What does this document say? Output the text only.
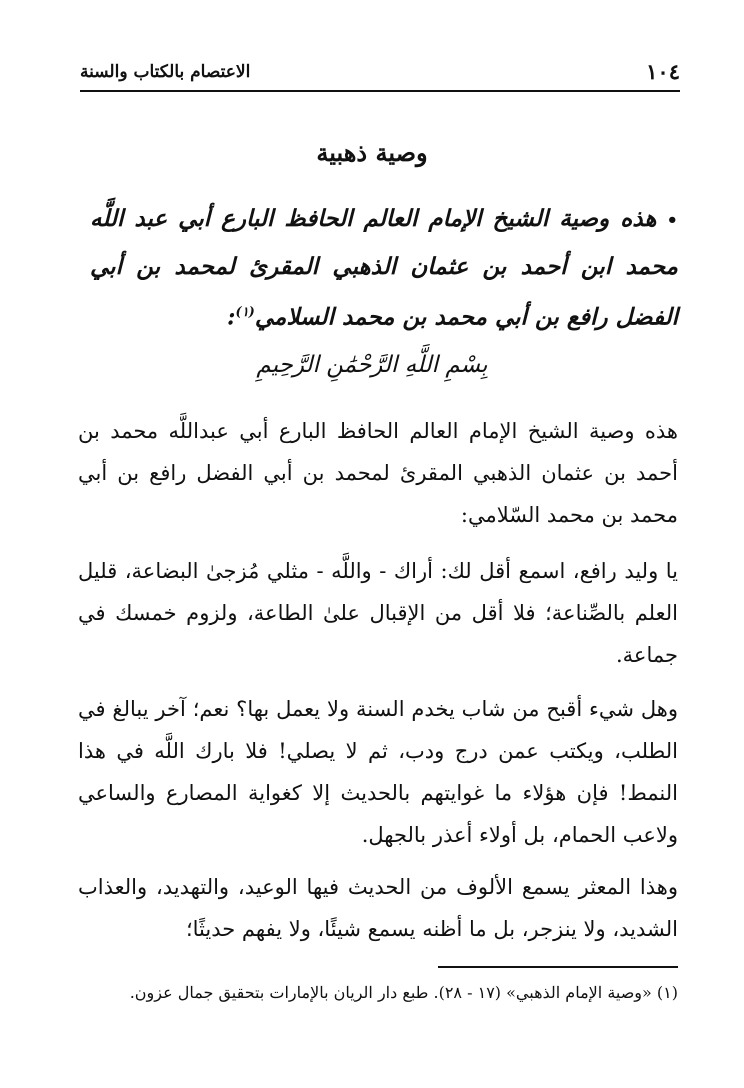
١٠٤
الاعتصام بالكتاب والسنة
وصية ذهبية
•هذه وصية الشيخ الإمام العالم الحافظ البارع أبي عبد اللَّه محمد ابن أحمد بن عثمان الذهبي المقرئ لمحمد بن أبي الفضل رافع بن أبي محمد بن محمد السلامي$^{(١)}$:
بِسْمِ اللَّهِ الرَّحْمَٰنِ الرَّحِيمِ
هذه وصية الشيخ الإمام العالم الحافظ البارع أبي عبداللَّه محمد بن أحمد بن عثمان الذهبي المقرئ لمحمد بن أبي الفضل رافع بن أبي محمد بن محمد السّلامي:
يا وليد رافع، اسمع أقل لك: أراك - واللَّه - مثلي مُزجىٰ البضاعة، قليل العلم بالصِّناعة؛ فلا أقل من الإقبال علىٰ الطاعة، ولزوم خمسك في جماعة.
وهل شيء أقبح من شاب يخدم السنة ولا يعمل بها؟ نعم؛ آخر يبالغ في الطلب، ويكتب عمن درج ودب، ثم لا يصلي! فلا بارك اللَّه في هذا النمط! فإن هؤلاء ما غوايتهم بالحديث إلا كغواية المصارع والساعي ولاعب الحمام، بل أولاء أعذر بالجهل.
وهذا المعثر يسمع الألوف من الحديث فيها الوعيد، والتهديد، والعذاب الشديد، ولا ينزجر، بل ما أظنه يسمع شيئًا، ولا يفهم حديثًا؛
(١) «وصية الإمام الذهبي» (١٧ - ٢٨). طبع دار الريان بالإمارات بتحقيق جمال عزون.
